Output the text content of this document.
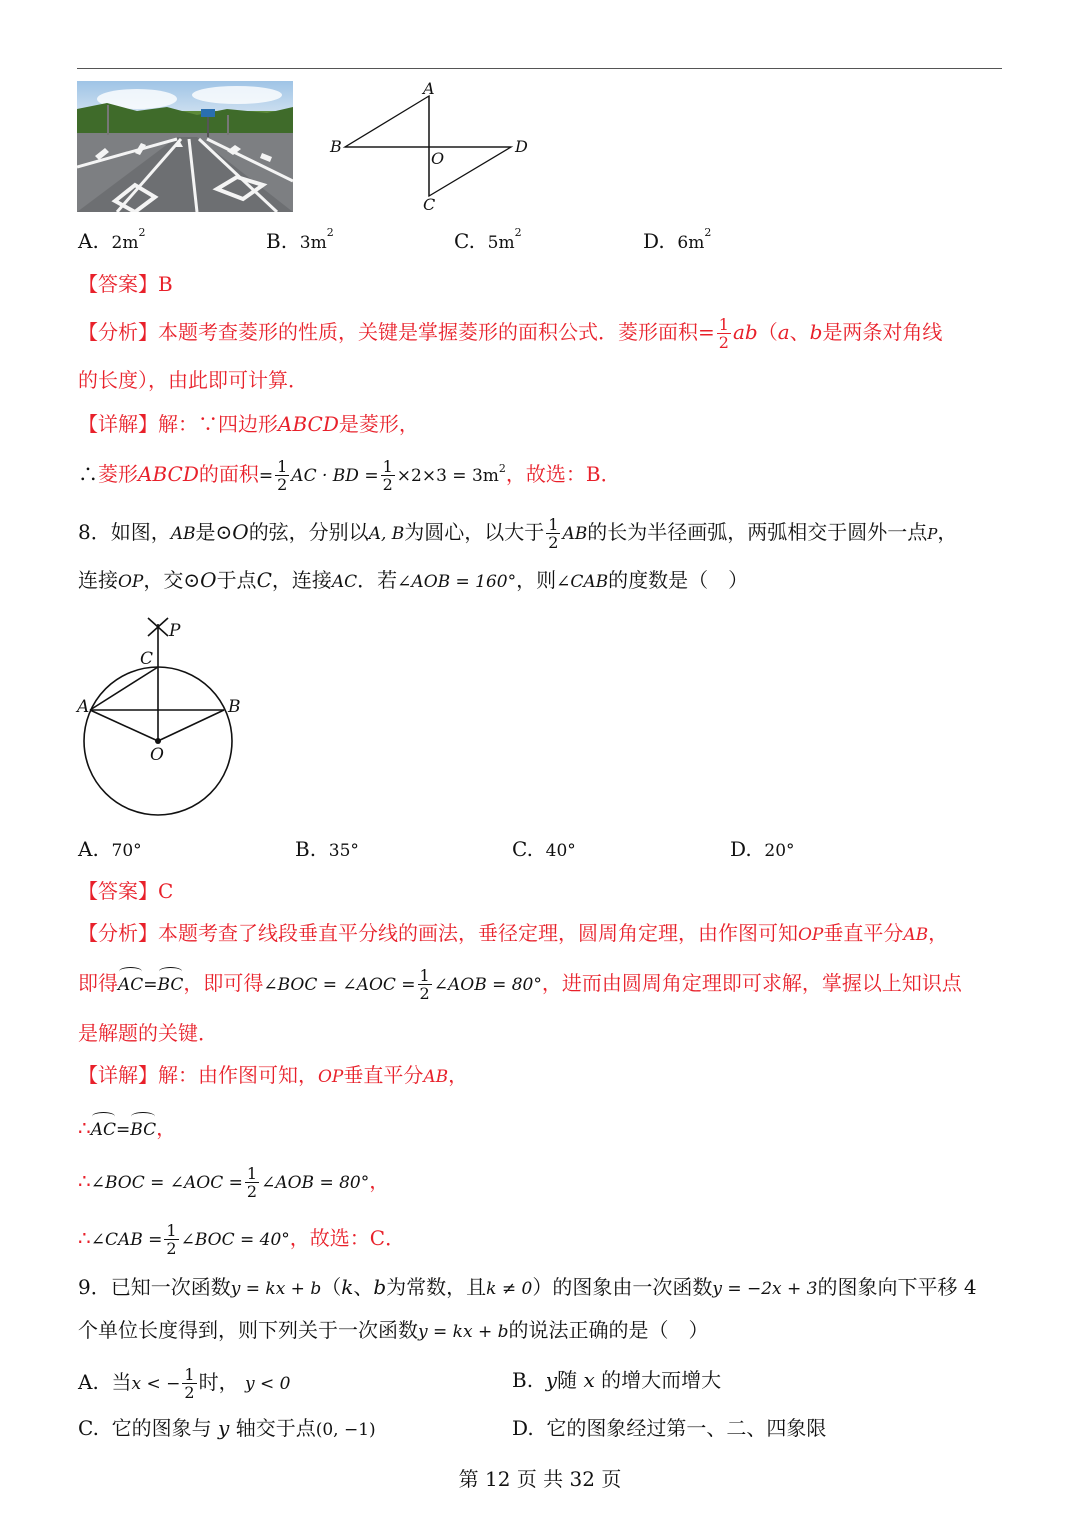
A
B
C
D
O
A. $2m^2$	B. $3m^2$	C. $5m^2$	D. $6m^2$
【答案】B
【分析】本题考查菱形的性质，关键是掌握菱形的面积公式．菱形面积= $\frac{1}{2} ab(a$、b是两条对角线
的长度），由此即可计算．
【详解】解：∵四边形ABCD是菱形，
∴菱形ABCD的面积= $\frac{1}{2}$ AC · BD = $\frac{1}{2} \times 2\times 3 = 3m^2$，故选：B．
8．如图，AB是⊙O的弦，分别以A, B为圆心，以大于 $\frac{1}{2}$ AB的长为半径画弧，两弧相交于圆外一点P，
连接OP，交⊙O于点C，连接AC．若∠AOB = 160°，则∠CAB的度数是（　）
P
C
A	B
O
A. 70°	B. 35°	C. 40°	D. 20°
【答案】C
【分析】本题考查了线段垂直平分线的画法，垂径定理，圆周角定理，由作图可知OP垂直平分AB，
即得AC=BC，即可得∠BOC = ∠AOC = $\frac{1}{2}$ ∠AOB = 80°，进而由圆周角定理即可求解，掌握以上知识点
是解题的关键．
【详解】解：由作图可知，OP垂直平分AB，
∴AC=BC，
∴∠BOC = ∠AOC = $\frac{1}{2}$ ∠AOB = 80°，
∴∠CAB = $\frac{1}{2}$ ∠BOC = 40°，故选：C．
9．已知一次函数y = kx + b（k、b为常数，且k ≠ 0）的图象由一次函数y = −2x + 3的图象向下平移 4
个单位长度得到，则下列关于一次函数y = kx + b的说法正确的是（　）
A. 当x < − $\frac{1}{2}$ 时， y < 0	B. y随 x 的增大而增大
C. 它的图象与 y 轴交于点(0, −1)	D. 它的图象经过第一、二、四象限
第 12 页 共 32 页
